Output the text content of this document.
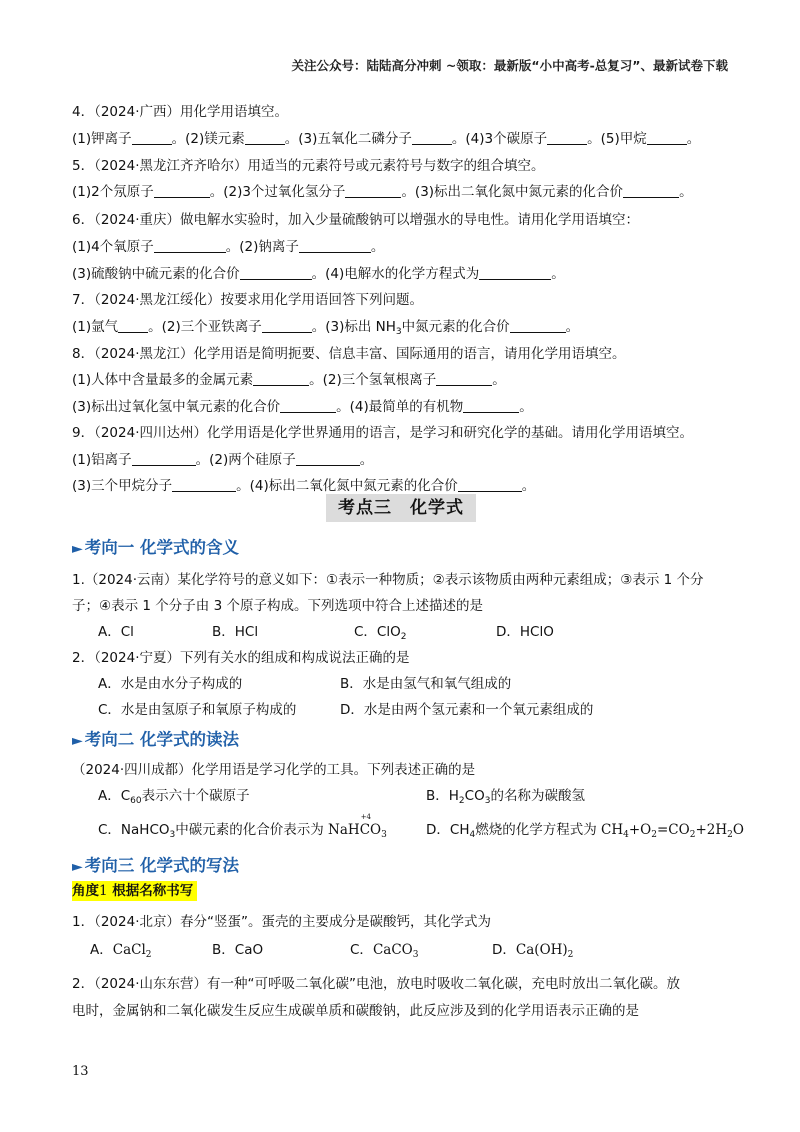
关注公众号：陆陆高分冲刺 ~领取：最新版“小中高考-总复习”、最新试卷下载
4．（2024·广西）用化学用语填空。
(1)钾离子	。(2)镁元素	。(3)五氧化二磷分子	。(4)3个碳原子	。(5)甲烷	。
5．（2024·黑龙江齐齐哈尔）用适当的元素符号或元素符号与数字的组合填空。
(1)2个氖原子	。(2)3个过氧化氢分子	。(3)标出二氧化氮中氮元素的化合价	。
6．（2024·重庆）做电解水实验时，加入少量硫酸钠可以增强水的导电性。请用化学用语填空：
(1)4个氧原子	。(2)钠离子	。
(3)硫酸钠中硫元素的化合价	。(4)电解水的化学方程式为	。
7．（2024·黑龙江绥化）按要求用化学用语回答下列问题。
(1)氩气 。(2)三个亚铁离子	。(3)标出 $NH_3$中氮元素的化合价	。
8．（2024·黑龙江）化学用语是简明扼要、信息丰富、国际通用的语言，请用化学用语填空。
(1)人体中含量最多的金属元素	。(2)三个氢氧根离子	。
(3)标出过氧化氢中氧元素的化合价	。(4)最简单的有机物	。
9．（2024·四川达州）化学用语是化学世界通用的语言，是学习和研究化学的基础。请用化学用语填空。
(1)铝离子	。(2)两个硅原子	。
(3)三个甲烷分子	。(4)标出二氧化氮中氮元素的化合价	。
考点三　化学式
► 考向一 化学式的含义
1.（2024·云南）某化学符号的意义如下：①表示一种物质；②表示该物质由两种元素组成；③表示 1 个分
子；④表示 1 个分子由 3 个原子构成。下列选项中符合上述描述的是
A．Cl	B．HCl	C．ClO$_2$	D．HClO
2．（2024·宁夏）下列有关水的组成和构成说法正确的是
A．水是由水分子构成的	B．水是由氢气和氧气组成的
C．水是由氢原子和氧原子构成的	D．水是由两个氢元素和一个氧元素组成的
► 考向二 化学式的读法
（2024·四川成都）化学用语是学习化学的工具。下列表述正确的是
A．$C_{60}$表示六十个碳原子	B．$H_2CO_3$的名称为碳酸氢
C．NaHCO$_3$中碳元素的化合价表示为 NaH
+4
$CO_3$	D．$CH_4$燃烧的化学方程式为 $CH_4+O_2=CO_2+2H_2O$
► 考向三 化学式的写法
角度1 根据名称书写
1．（2024·北京）春分“竖蛋”。蛋壳的主要成分是碳酸钙，其化学式为
A．CaCl$_2$	B．CaO	C．CaCO$_3$	D．$Ca(OH)_2$
2．（2024·山东东营）有一种“可呼吸二氧化碳”电池，放电时吸收二氧化碳，充电时放出二氧化碳。放
电时，金属钠和二氧化碳发生反应生成碳单质和碳酸钠，此反应涉及到的化学用语表示正确的是
13
